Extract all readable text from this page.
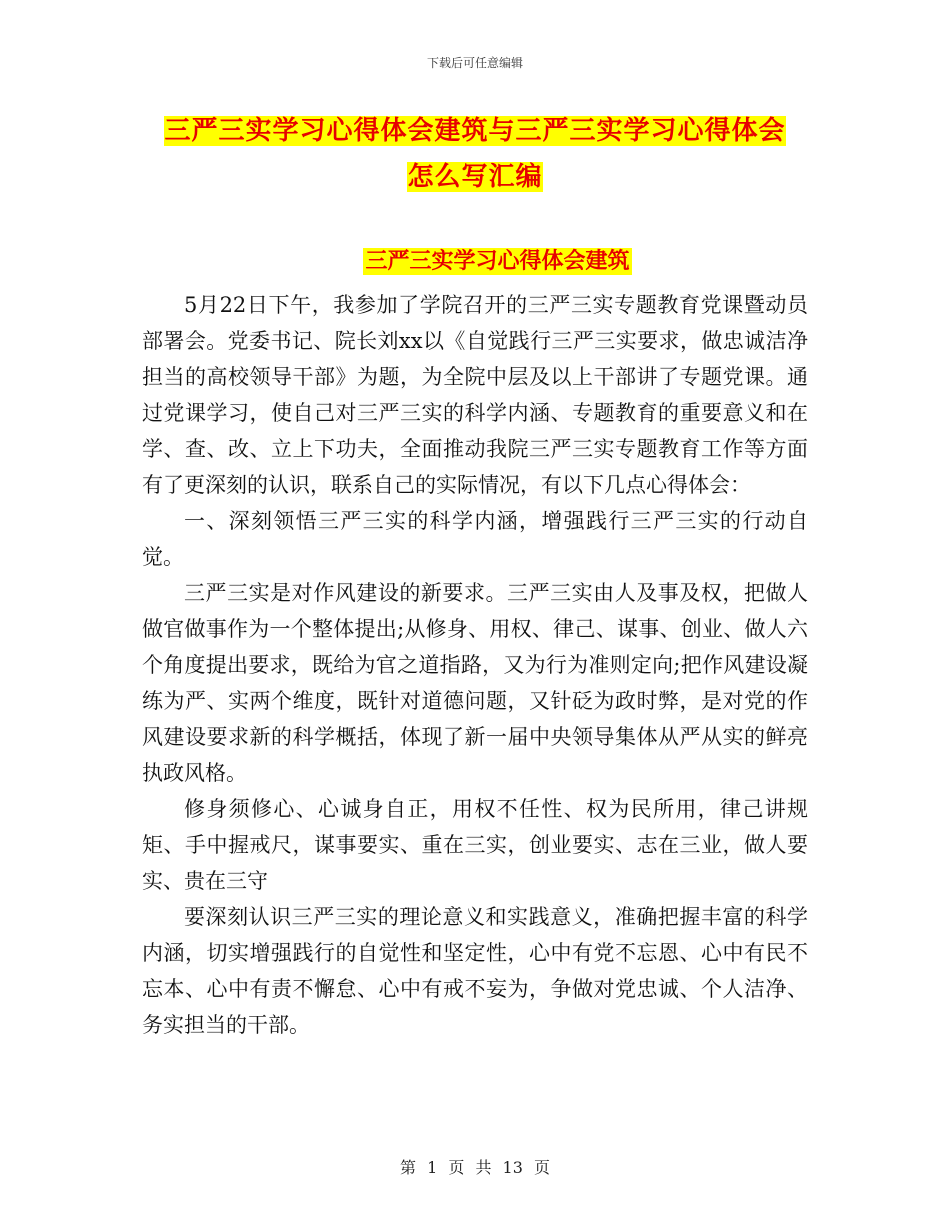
下载后可任意编辑
三严三实学习心得体会建筑与三严三实学习心得体会
怎么写汇编
三严三实学习心得体会建筑

5月22日下午，我参加了学院召开的三严三实专题教育党课暨动员部署会。党委书记、院长刘xx以《自觉践行三严三实要求，做忠诚洁净担当的高校领导干部》为题，为全院中层及以上干部讲了专题党课。通过党课学习，使自己对三严三实的科学内涵、专题教育的重要意义和在学、查、改、立上下功夫，全面推动我院三严三实专题教育工作等方面有了更深刻的认识，联系自己的实际情况，有以下几点心得体会：

一、深刻领悟三严三实的科学内涵，增强践行三严三实的行动自觉。

三严三实是对作风建设的新要求。三严三实由人及事及权，把做人做官做事作为一个整体提出;从修身、用权、律己、谋事、创业、做人六个角度提出要求，既给为官之道指路，又为行为准则定向;把作风建设凝练为严、实两个维度，既针对道德问题，又针砭为政时弊，是对党的作风建设要求新的科学概括，体现了新一届中央领导集体从严从实的鲜亮执政风格。

修身须修心、心诚身自正，用权不任性、权为民所用，律己讲规矩、手中握戒尺，谋事要实、重在三实，创业要实、志在三业，做人要实、贵在三守

要深刻认识三严三实的理论意义和实践意义，准确把握丰富的科学内涵，切实增强践行的自觉性和坚定性，心中有党不忘恩、心中有民不忘本、心中有责不懈怠、心中有戒不妄为，争做对党忠诚、个人洁净、务实担当的干部。

第 1 页 共 13 页
